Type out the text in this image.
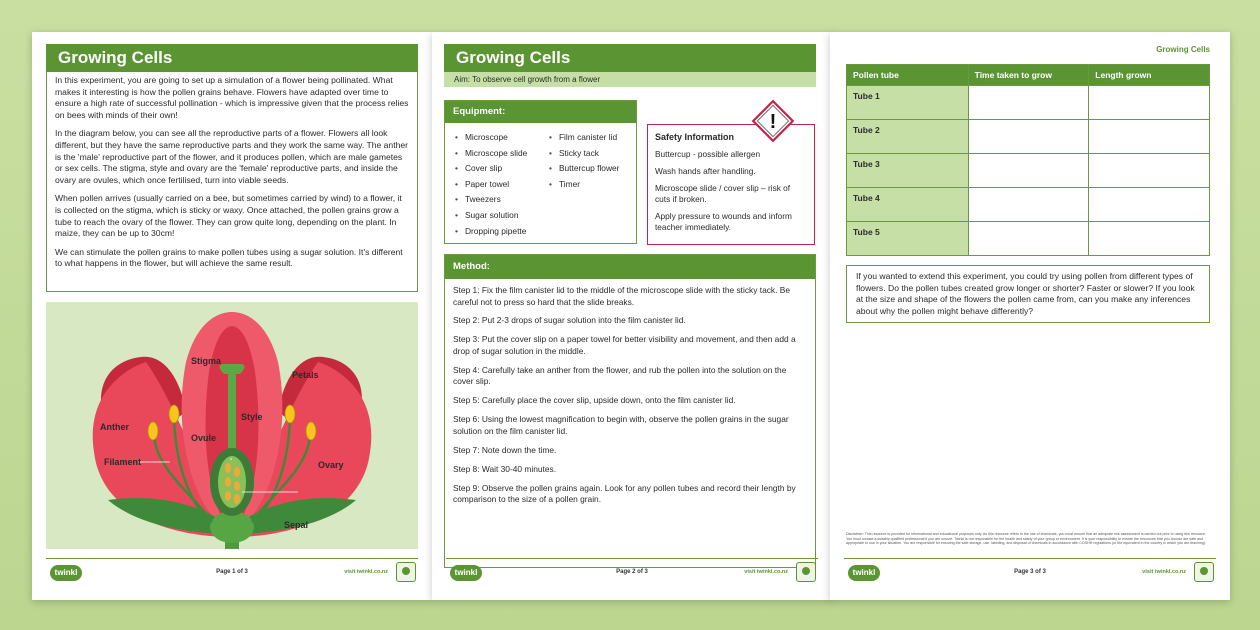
Growing Cells

In this experiment, you are going to set up a simulation of a flower being pollinated. What makes it interesting is how the pollen grains behave. Flowers have adapted over time to ensure a high rate of successful pollination - which is impressive given that the process relies on bees with minds of their own!

In the diagram below, you can see all the reproductive parts of a flower. Flowers all look different, but they have the same reproductive parts and they work the same way. The anther is the 'male' reproductive part of the flower, and it produces pollen, which are male gametes or sex cells. The stigma, style and ovary are the 'female' reproductive parts, and inside the ovary are ovules, which once fertilised, turn into viable seeds.

When pollen arrives (usually carried on a bee, but sometimes carried by wind) to a flower, it is collected on the stigma, which is sticky or waxy. Once attached, the pollen grains grow a tube to reach the ovary of the flower. They can grow quite long, depending on the plant. In maize, they can be up to 30cm!

We can stimulate the pollen grains to make pollen tubes using a sugar solution. It's different to what happens in the flower, but will achieve the same result.

Stigma
Petals
Style
Anther
Ovule
Filament	Ovary
Sepal
twinkl	Page 1 of 3	visit twinkl.co.nz
Growing Cells
Aim: To observe cell growth from a flower
Equipment:
• Microscope
• Microscope slide
• Cover slip
• Paper towel
• Tweezers
• Sugar solution
• Dropping pipette
• Film canister lid
• Sticky tack
• Buttercup flower
• Timer
Safety Information

Buttercup - possible allergen

Wash hands after handling.

Microscope slide / cover slip – risk of cuts if broken.

Apply pressure to wounds and inform teacher immediately.

!
Method:

Step 1: Fix the film canister lid to the middle of the microscope slide with the sticky tack. Be careful not to press so hard that the slide breaks.

Step 2: Put 2-3 drops of sugar solution into the film canister lid.

Step 3: Put the cover slip on a paper towel for better visibility and movement, and then add a drop of sugar solution in the middle.

Step 4: Carefully take an anther from the flower, and rub the pollen into the solution on the cover slip.

Step 5: Carefully place the cover slip, upside down, onto the film canister lid.

Step 6: Using the lowest magnification to begin with, observe the pollen grains in the sugar solution on the film canister lid.

Step 7: Note down the time.

Step 8: Wait 30-40 minutes.

Step 9: Observe the pollen grains again. Look for any pollen tubes and record their length by comparison to the size of a pollen grain.

twinkl	Page 2 of 3	visit twinkl.co.nz
Growing Cells
Pollen tube	Time taken to grow	Length grown
Tube 1		
Tube 2		
Tube 3		
Tube 4		
Tube 5		
If you wanted to extend this experiment, you could try using pollen from different types of flowers. Do the pollen tubes created grow longer or shorter? Faster or slower? If you look at the size and shape of the flowers the pollen came from, can you make any inferences about why the pollen might behave differently?
Disclaimer: This resource is provided for informational and educational purposes only. As this resource refers to the use of chemicals, you must ensure that an adequate risk assessment is carried out prior to using this resource. You must contact a suitably qualified professional if you are unsure. Twinkl is not responsible for the health and safety of your group or environment. It is your responsibility to ensure the resources that you choose are safe and appropriate to use in your situation. You are responsible for ensuring the safe storage, use, labelling, and disposal of chemicals in accordance with COSHH regulations (or the equivalent in the country in which you are teaching).
twinkl	Page 3 of 3	visit twinkl.co.nz
